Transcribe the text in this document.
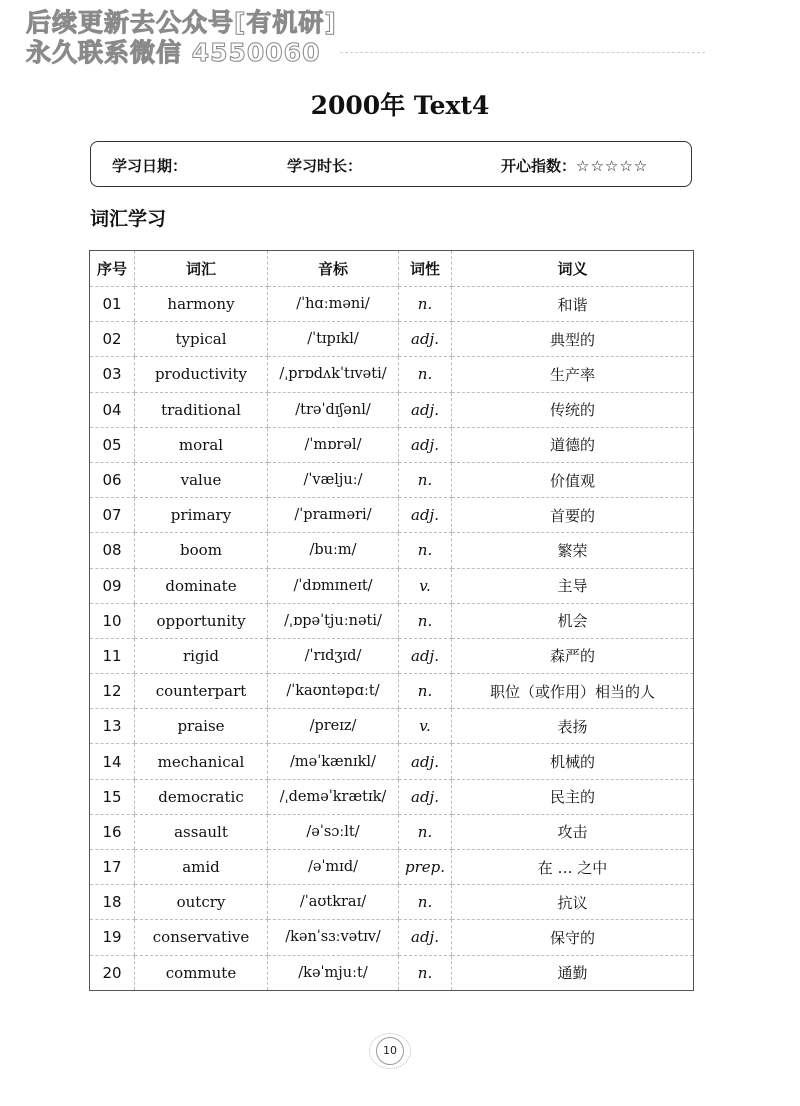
后续更新去公众号[有机研]
永久联系微信 4550060
2000年 Text4
学习日期：	学习时长：	开心指数：☆☆☆☆☆
词汇学习
序号	词汇	音标	词性	词义
01	harmony	/ˈhɑːməni/	n.	和谐
02	typical	/ˈtɪpɪkl/	adj.	典型的
03	productivity	/ˌprɒdʌkˈtɪvəti/	n.	生产率
04	traditional	/trəˈdɪʃənl/	adj.	传统的
05	moral	/ˈmɒrəl/	adj.	道德的
06	value	/ˈvæljuː/	n.	价值观
07	primary	/ˈpraɪməri/	adj.	首要的
08	boom	/buːm/	n.	繁荣
09	dominate	/ˈdɒmɪneɪt/	v.	主导
10	opportunity	/ˌɒpəˈtjuːnəti/	n.	机会
11	rigid	/ˈrɪdʒɪd/	adj.	森严的
12	counterpart	/ˈkaʊntəpɑːt/	n.	职位（或作用）相当的人
13	praise	/preɪz/	v.	表扬
14	mechanical	/məˈkænɪkl/	adj.	机械的
15	democratic	/ˌdeməˈkrætɪk/	adj.	民主的
16	assault	/əˈsɔːlt/	n.	攻击
17	amid	/əˈmɪd/	prep.	在 … 之中
18	outcry	/ˈaʊtkraɪ/	n.	抗议
19	conservative	/kənˈsɜːvətɪv/	adj.	保守的
20	commute	/kəˈmjuːt/	n.	通勤
10
